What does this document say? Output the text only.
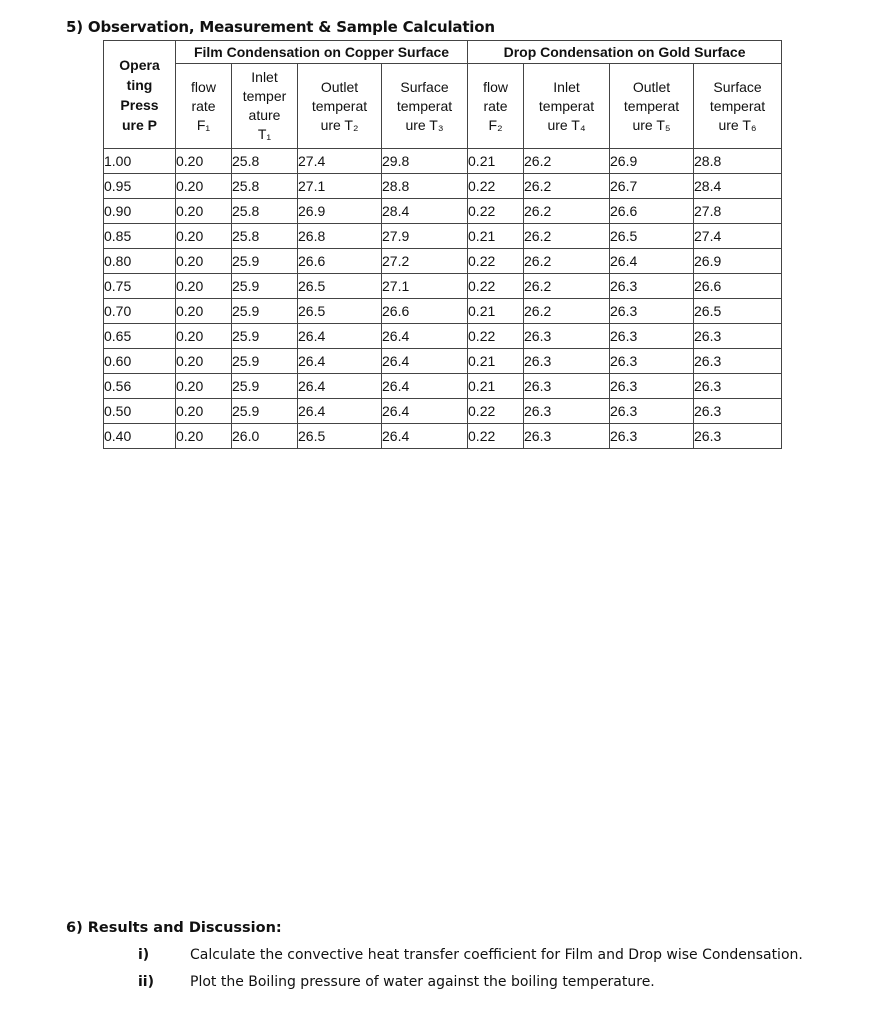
5) Observation, Measurement & Sample Calculation
Opera
ting
Press
ure P	Film Condensation on Copper Surface				Drop Condensation on Gold Surface			

	flow
rate
F₁	Inlet
temper
ature
T₁	Outlet
temperat
ure T₂	Surface
temperat
ure T₃	flow
rate
F₂	Inlet
temperat
ure T₄	Outlet
temperat
ure T₅	Surface
temperat
ure T₆

1.00	0.20	25.8	27.4	29.8	0.21	26.2	26.9	28.8
0.95	0.20	25.8	27.1	28.8	0.22	26.2	26.7	28.4
0.90	0.20	25.8	26.9	28.4	0.22	26.2	26.6	27.8
0.85	0.20	25.8	26.8	27.9	0.21	26.2	26.5	27.4
0.80	0.20	25.9	26.6	27.2	0.22	26.2	26.4	26.9
0.75	0.20	25.9	26.5	27.1	0.22	26.2	26.3	26.6
0.70	0.20	25.9	26.5	26.6	0.21	26.2	26.3	26.5
0.65	0.20	25.9	26.4	26.4	0.22	26.3	26.3	26.3
0.60	0.20	25.9	26.4	26.4	0.21	26.3	26.3	26.3
0.56	0.20	25.9	26.4	26.4	0.21	26.3	26.3	26.3
0.50	0.20	25.9	26.4	26.4	0.22	26.3	26.3	26.3
0.40	0.20	26.0	26.5	26.4	0.22	26.3	26.3	26.3
6) Results and Discussion:
i)	Calculate the convective heat transfer coefficient for Film and Drop wise Condensation.
ii)	Plot the Boiling pressure of water against the boiling temperature.
